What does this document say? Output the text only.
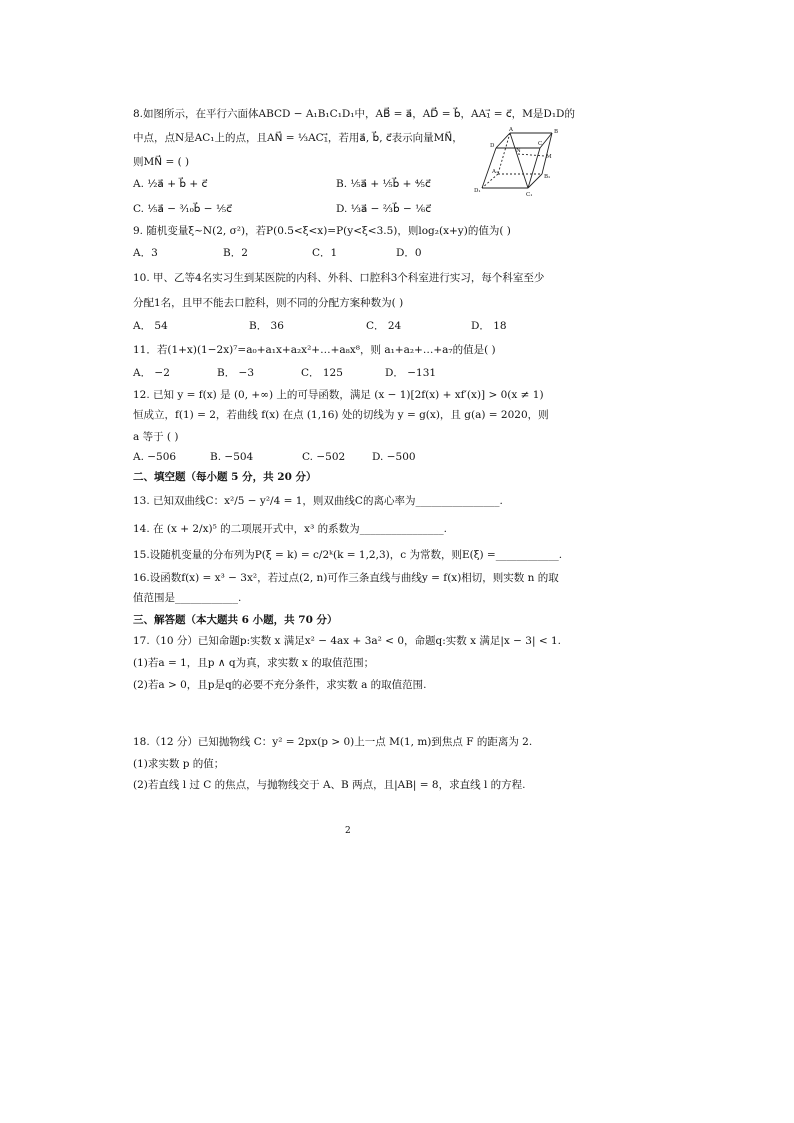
8.如图所示，在平行六面体ABCD − A₁B₁C₁D₁中，AB⃗ = a⃗，AD⃗ = b⃗，AA₁⃗ = c⃗，M是D₁D的
中点，点N是AC₁上的点，且AN⃗ = ⅓AC₁⃗，若用a⃗, b⃗, c⃗表示向量MN⃗，
则MN⃗ = ( )
A. ½a⃗ + b⃗ + c⃗	B. ⅕a⃗ + ⅕b⃗ + ⅘c⃗
C. ⅕a⃗ − ³⁄₁₀b⃗ − ⅕c⃗	D. ⅓a⃗ − ⅔b⃗ − ⅙c⃗
A	B
C
D
N
M
A₁
B₁
C₁
D₁
9. 随机变量ξ~N(2, σ²)，若P(0.5<ξ<x)=P(y<ξ<3.5)，则log₂(x+y)的值为( )
A．3	B．2	C．1	D．0
10. 甲、乙等4名实习生到某医院的内科、外科、口腔科3个科室进行实习，每个科室至少
分配1名，且甲不能去口腔科，则不同的分配方案种数为( )
A． 54	B． 36	C． 24	D． 18
11．若(1+x)(1−2x)⁷=a₀+a₁x+a₂x²+…+a₈x⁸，则 a₁+a₂+…+a₇的值是( )
A． −2	B． −3	C． 125	D． −131
12. 已知 y = f(x) 是 (0, +∞) 上的可导函数，满足 (x − 1)[2f(x) + xf′(x)] > 0(x ≠ 1)
恒成立，f(1) = 2，若曲线 f(x) 在点 (1,16) 处的切线为 y = g(x)，且 g(a) = 2020，则
a 等于 ( )
A. −506	B. −504	C. −502	D. −500
二、填空题（每小题 5 分，共 20 分）
13. 已知双曲线C：x²/5 − y²/4 = 1，则双曲线C的离心率为________________.
14. 在 (x + 2/x)⁵ 的二项展开式中，x³ 的系数为________________.
15.设随机变量的分布列为P(ξ = k) = c/2ᵏ(k = 1,2,3)，c 为常数，则E(ξ) =____________.
16.设函数f(x) = x³ − 3x²，若过点(2, n)可作三条直线与曲线y = f(x)相切，则实数 n 的取
值范围是____________.
三、解答题（本大题共 6 小题，共 70 分）
17.（10 分）已知命题p:实数 x 满足x² − 4ax + 3a² < 0，命题q:实数 x 满足|x − 3| < 1.
(1)若a = 1，且p ∧ q为真，求实数 x 的取值范围；
(2)若a > 0，且p是q的必要不充分条件，求实数 a 的取值范围.
18.（12 分）已知抛物线 C：y² = 2px(p > 0)上一点 M(1, m)到焦点 F 的距离为 2.
(1)求实数 p 的值；
(2)若直线 l 过 C 的焦点，与抛物线交于 A、B 两点，且|AB| = 8，求直线 l 的方程.
2
